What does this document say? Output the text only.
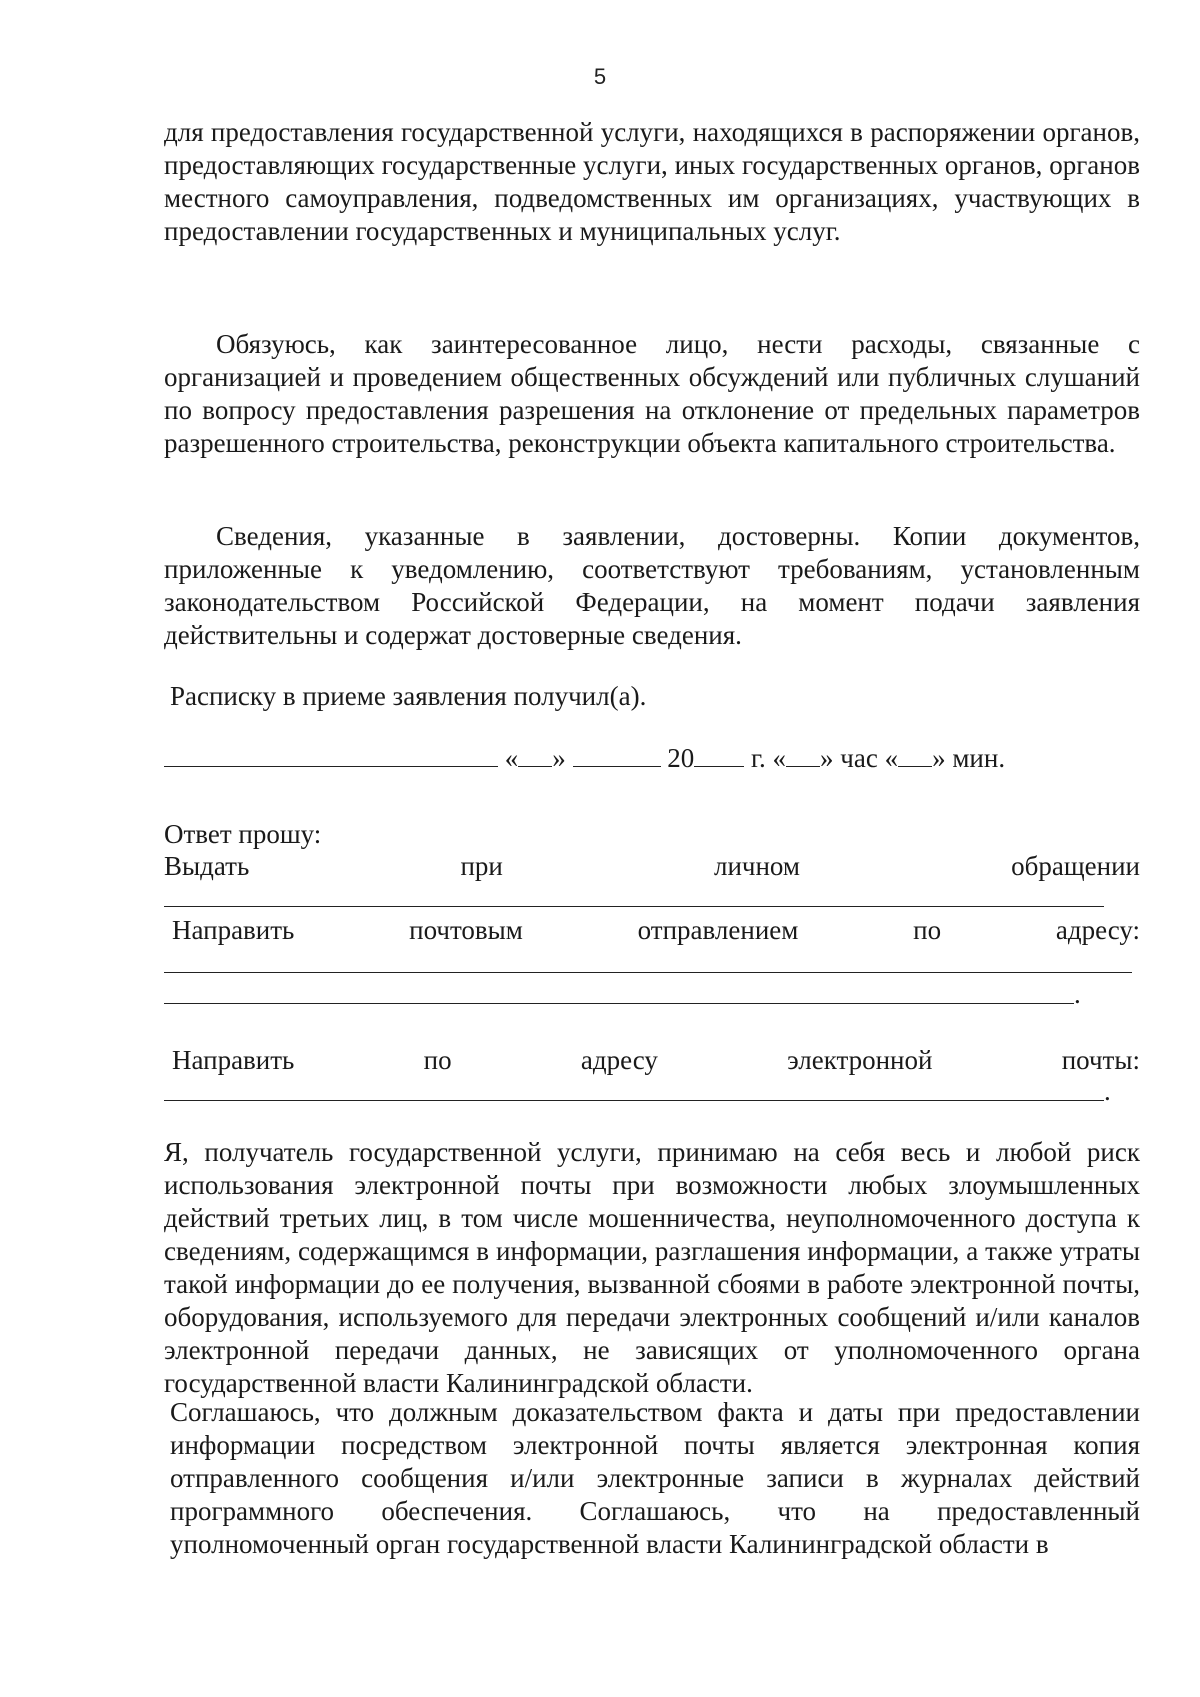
5

для предоставления государственной услуги, находящихся в распоряжении органов, предоставляющих государственные услуги, иных государственных органов, органов местного самоуправления, подведомственных им организациях, участвующих в предоставлении государственных и муниципальных услуг.

Обязуюсь, как заинтересованное лицо, нести расходы, связанные с организацией и проведением общественных обсуждений или публичных слушаний по вопросу предоставления разрешения на отклонение от предельных параметров разрешенного строительства, реконструкции объекта капитального строительства.

Сведения, указанные в заявлении, достоверны. Копии документов, приложенные к уведомлению, соответствуют требованиям, установленным законодательством Российской Федерации, на момент подачи заявления действительны и содержат достоверные сведения.

Расписку в приеме заявления получил(а).
« »	20 г. « » час « » мин.
Ответ прошу:
Выдать	при	личном	обращении
Направить	почтовым	отправлением	по	адресу:
.
Направить	по	адресу	электронной	почты:
.

Я, получатель государственной услуги, принимаю на себя весь и любой риск использования электронной почты при возможности любых злоумышленных действий третьих лиц, в том числе мошенничества, неуполномоченного доступа к сведениям, содержащимся в информации, разглашения информации, а также утраты такой информации до ее получения, вызванной сбоями в работе электронной почты, оборудования, используемого для передачи электронных сообщений и/или каналов электронной передачи данных, не зависящих от уполномоченного органа государственной власти Калининградской области.

Соглашаюсь, что должным доказательством факта и даты при предоставлении информации посредством электронной почты является электронная копия отправленного сообщения и/или электронные записи в журналах действий программного обеспечения. Соглашаюсь, что на предоставленный уполномоченный орган государственной власти Калининградской области в
